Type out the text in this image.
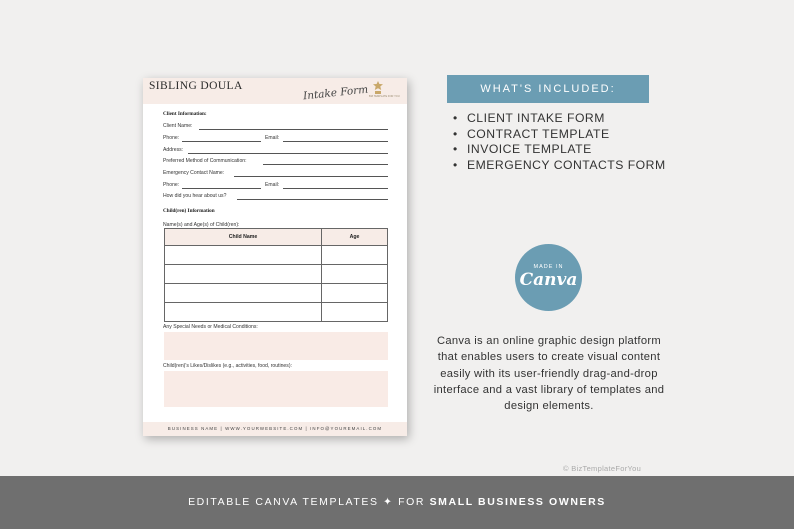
SIBLING DOULA	Intake Form BIZ TEMPLATE FOR YOU
Client Information:
Client Name:
Phone:	Email:
Address:
Preferred Method of Communication:
Emergency Contact Name:
Phone:	Email:
How did you hear about us?
Child(ren) Information
Name(s) and Age(s) of Child(ren):
Child Name	Age

Any Special Needs or Medical Conditions:
Child(ren)'s Likes/Dislikes (e.g., activities, food, routines):
BUSINESS NAME | WWW.YOURWEBSITE.COM | INFO@YOUREMAIL.COM
WHAT'S INCLUDED:
• CLIENT INTAKE FORM
• CONTRACT TEMPLATE
• INVOICE TEMPLATE
• EMERGENCY CONTACTS FORM
MADE IN
Canva
Canva is an online graphic design platform that enables users to create visual content easily with its user-friendly drag-and-drop interface and a vast library of templates and design elements.
© BizTemplateForYou
EDITABLE CANVA TEMPLATES ✦ FOR SMALL BUSINESS OWNERS
